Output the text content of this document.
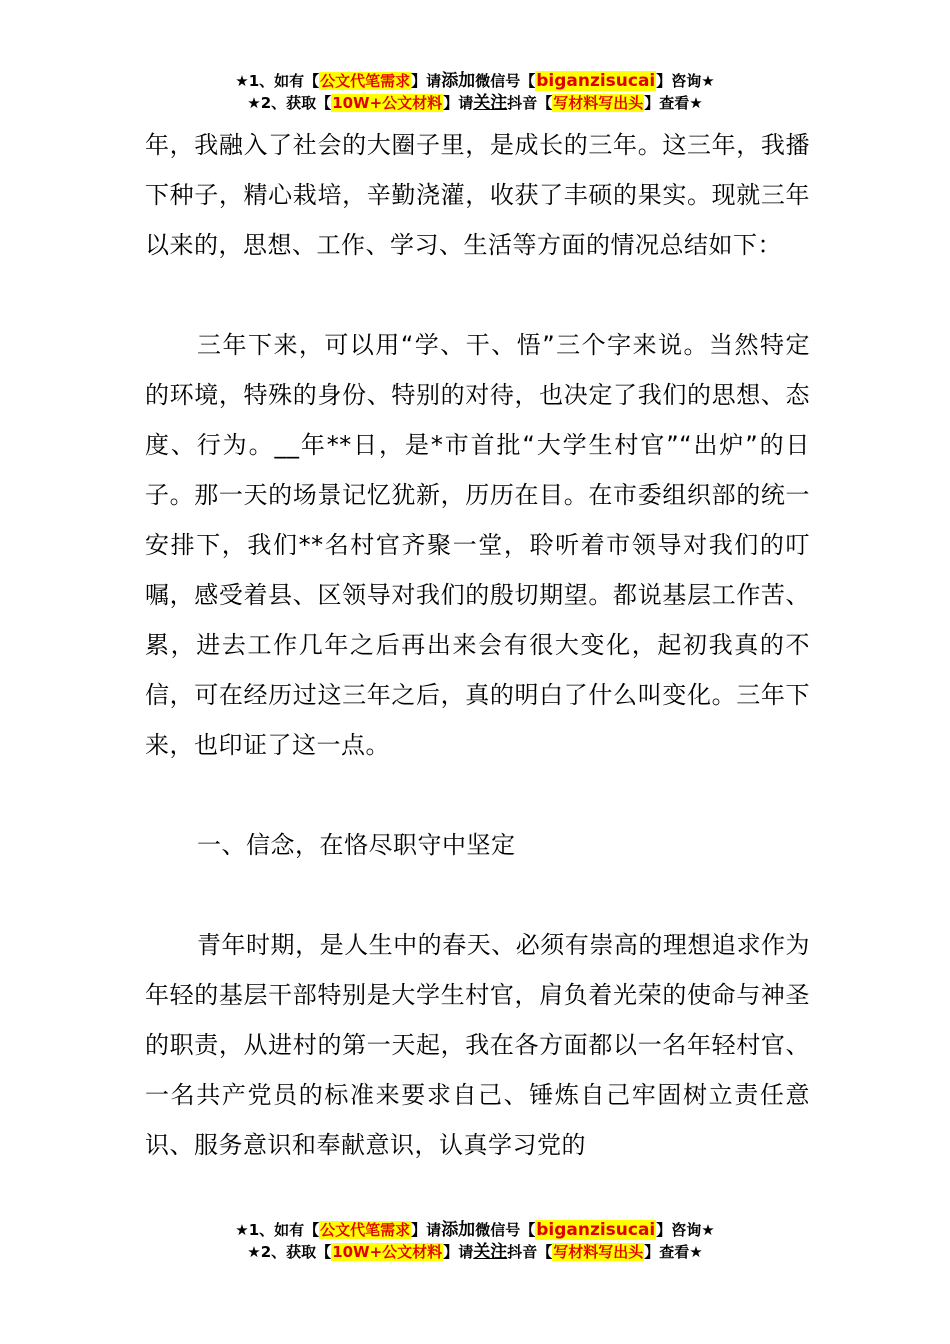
★1、如有【公文代笔需求】请添加微信号【biganzisucai】咨询★
★2、获取【10W+公文材料】请关注抖音【写材料写出头】查看★

年，我融入了社会的大圈子里，是成长的三年。这三年，我播下种子，精心栽培，辛勤浇灌，收获了丰硕的果实。现就三年以来的，思想、工作、学习、生活等方面的情况总结如下：

三年下来，可以用“学、干、悟”三个字来说。当然特定的环境，特殊的身份、特别的对待，也决定了我们的思想、态度、行为。__年**日，是*市首批“大学生村官”“出炉”的日子。那一天的场景记忆犹新，历历在目。在市委组织部的统一安排下，我们**名村官齐聚一堂，聆听着市领导对我们的叮嘱，感受着县、区领导对我们的殷切期望。都说基层工作苦、累，进去工作几年之后再出来会有很大变化，起初我真的不信，可在经历过这三年之后，真的明白了什么叫变化。三年下来，也印证了这一点。

一、信念，在恪尽职守中坚定

青年时期，是人生中的春天、必须有崇高的理想追求作为年轻的基层干部特别是大学生村官，肩负着光荣的使命与神圣的职责，从进村的第一天起，我在各方面都以一名年轻村官、一名共产党员的标准来要求自己、锤炼自己牢固树立责任意识、服务意识和奉献意识，认真学习党的

★1、如有【公文代笔需求】请添加微信号【biganzisucai】咨询★
★2、获取【10W+公文材料】请关注抖音【写材料写出头】查看★
